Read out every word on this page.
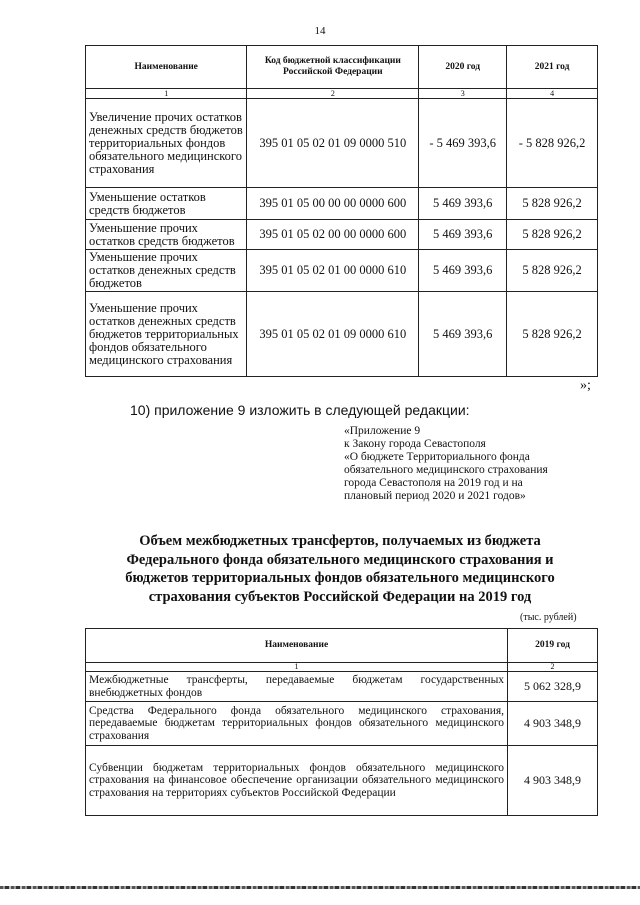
14
Наименование	Код бюджетной классификации Российской Федерации	2020 год	2021 год
1	2	3	4
Увеличение прочих остатков денежных средств бюджетов территориальных фондов обязательного медицинского страхования	395 01 05 02 01 09 0000 510	- 5 469 393,6	- 5 828 926,2
Уменьшение остатков средств бюджетов	395 01 05 00 00 00 0000 600	5 469 393,6	5 828 926,2
Уменьшение прочих остатков средств бюджетов	395 01 05 02 00 00 0000 600	5 469 393,6	5 828 926,2
Уменьшение прочих остатков денежных средств бюджетов	395 01 05 02 01 00 0000 610	5 469 393,6	5 828 926,2
Уменьшение прочих остатков денежных средств бюджетов территориальных фондов обязательного медицинского страхования	395 01 05 02 01 09 0000 610	5 469 393,6	5 828 926,2
»;
10) приложение 9 изложить в следующей редакции:
«Приложение 9
к Закону города Севастополя
«О бюджете Территориального фонда
обязательного медицинского страхования
города Севастополя на 2019 год и на
плановый период 2020 и 2021 годов»
Объем межбюджетных трансфертов, получаемых из бюджета
Федерального фонда обязательного медицинского страхования и
бюджетов территориальных фондов обязательного медицинского
страхования субъектов Российской Федерации на 2019 год
(тыс. рублей)
Наименование	2019 год
1	2
Межбюджетные трансферты, передаваемые бюджетам государственных внебюджетных фондов	5 062 328,9
Средства Федерального фонда обязательного медицинского страхования, передаваемые бюджетам территориальных фондов обязательного медицинского страхования	4 903 348,9
Субвенции бюджетам территориальных фондов обязательного медицинского страхования на финансовое обеспечение организации обязательного медицинского страхования на территориях субъектов Российской Федерации	4 903 348,9
